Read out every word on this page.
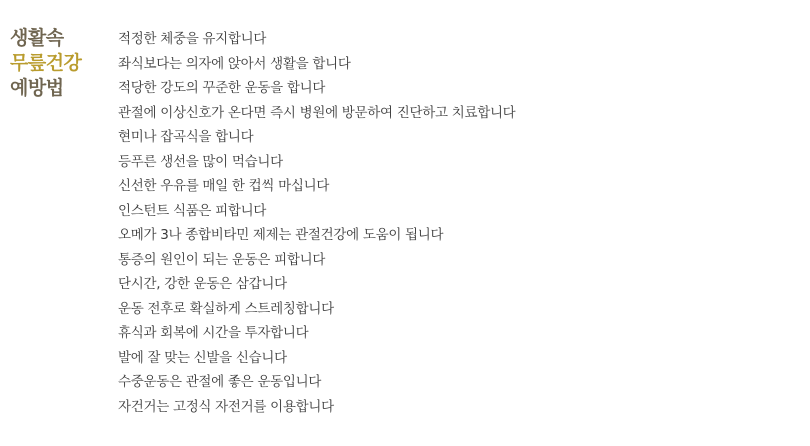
생활속
무릎건강
예방법
적정한 체중을 유지합니다
좌식보다는 의자에 앉아서 생활을 합니다
적당한 강도의 꾸준한 운동을 합니다
관절에 이상신호가 온다면 즉시 병원에 방문하여 진단하고 치료합니다
현미나 잡곡식을 합니다
등푸른 생선을 많이 먹습니다
신선한 우유를 매일 한 컵씩 마십니다
인스턴트 식품은 피합니다
오메가 3나 종합비타민 제제는 관절건강에 도움이 됩니다
통증의 원인이 되는 운동은 피합니다
단시간, 강한 운동은 삼갑니다
운동 전후로 확실하게 스트레칭합니다
휴식과 회복에 시간을 투자합니다
발에 잘 맞는 신발을 신습니다
수중운동은 관절에 좋은 운동입니다
자건거는 고정식 자전거를 이용합니다
